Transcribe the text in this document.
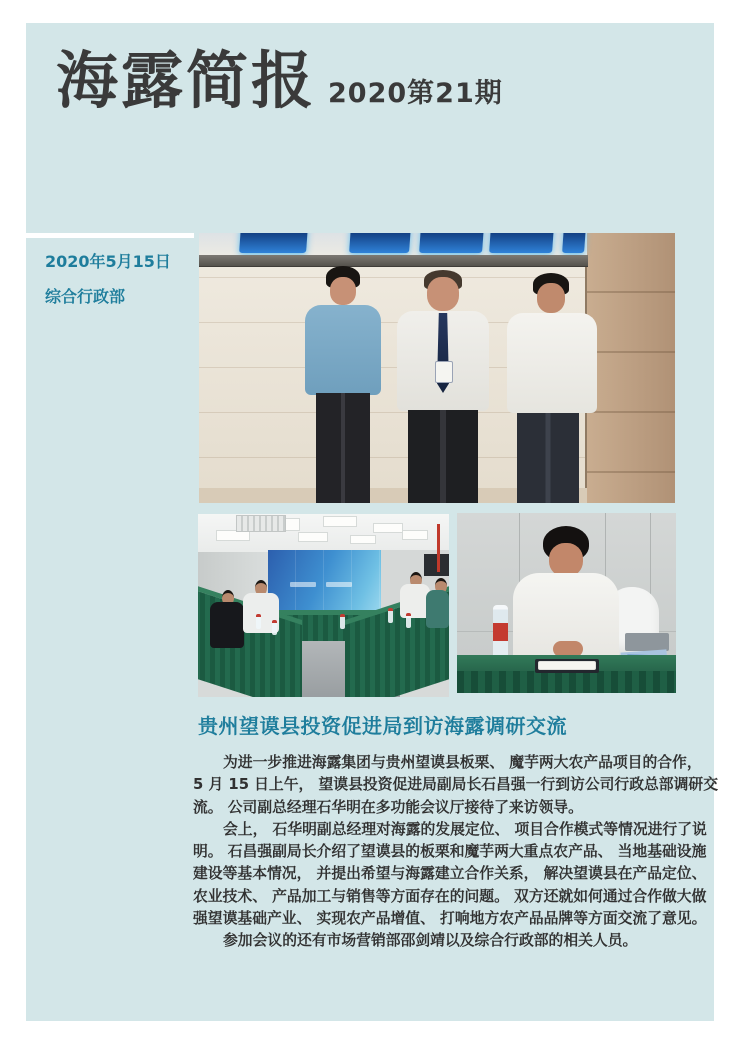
海露简报 2020第21期
2020年5月15日
综合行政部
贵州望谟县投资促进局到访海露调研交流
为进一步推进海露集团与贵州望谟县板栗、 魔芋两大农产品项目的合作，
5 月 15 日上午， 望谟县投资促进局副局长石昌强一行到访公司行政总部调研交
流。 公司副总经理石华明在多功能会议厅接待了来访领导。
会上， 石华明副总经理对海露的发展定位、 项目合作模式等情况进行了说
明。 石昌强副局长介绍了望谟县的板栗和魔芋两大重点农产品、 当地基础设施
建设等基本情况， 并提出希望与海露建立合作关系， 解决望谟县在产品定位、
农业技术、 产品加工与销售等方面存在的问题。 双方还就如何通过合作做大做
强望谟基础产业、 实现农产品增值、 打响地方农产品品牌等方面交流了意见。
参加会议的还有市场营销部邵剑靖以及综合行政部的相关人员。
